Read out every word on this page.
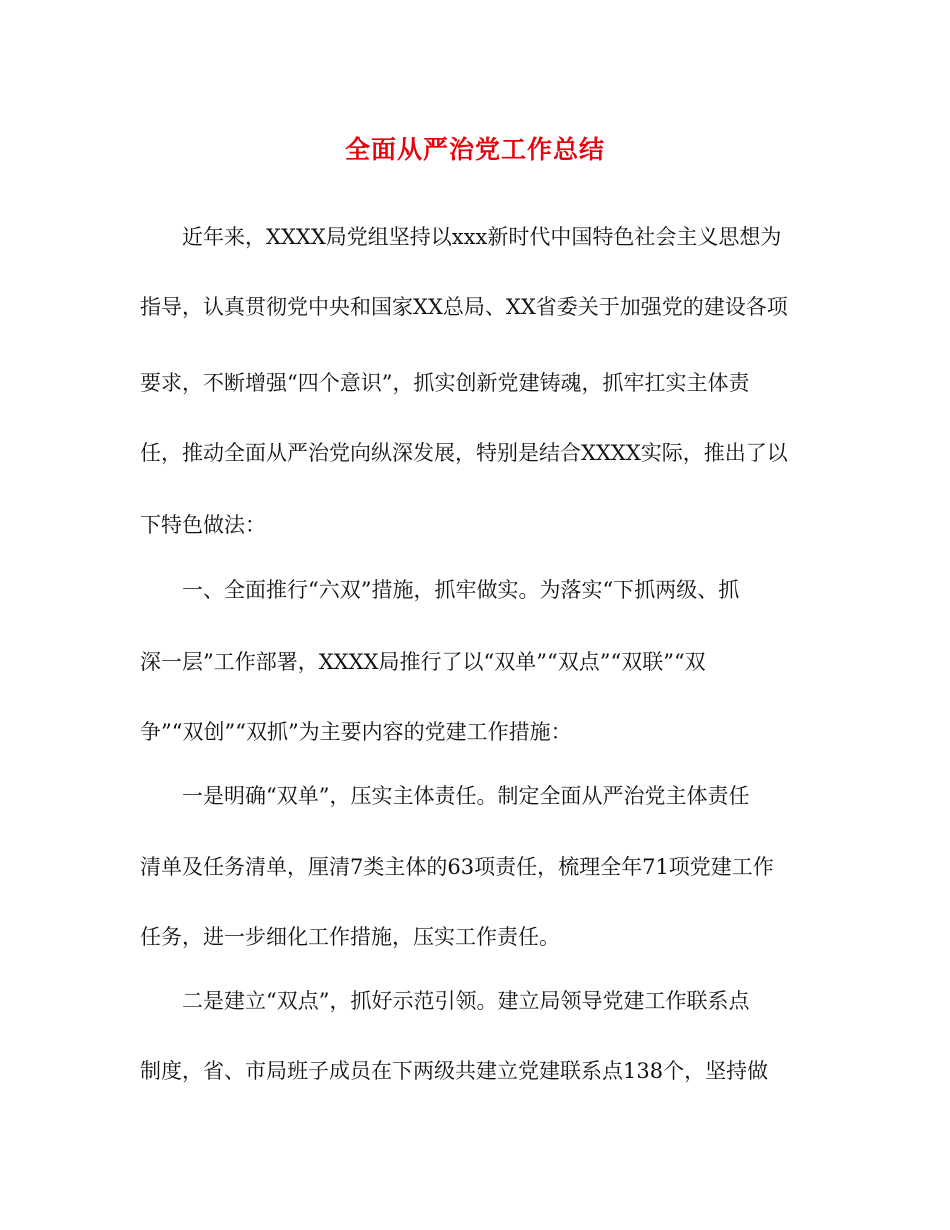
全面从严治党工作总结

近年来，XXXX局党组坚持以xxx新时代中国特色社会主义思想为

指导，认真贯彻党中央和国家XX总局、XX省委关于加强党的建设各项

要求，不断增强“四个意识”，抓实创新党建铸魂，抓牢扛实主体责

任，推动全面从严治党向纵深发展，特别是结合XXXX实际，推出了以

下特色做法：

一、全面推行“六双”措施，抓牢做实。为落实“下抓两级、抓

深一层”工作部署，XXXX局推行了以“双单”“双点”“双联”“双

争”“双创”“双抓”为主要内容的党建工作措施：

一是明确“双单”，压实主体责任。制定全面从严治党主体责任

清单及任务清单，厘清7类主体的63项责任，梳理全年71项党建工作

任务，进一步细化工作措施，压实工作责任。

二是建立“双点”，抓好示范引领。建立局领导党建工作联系点

制度，省、市局班子成员在下两级共建立党建联系点138个，坚持做
